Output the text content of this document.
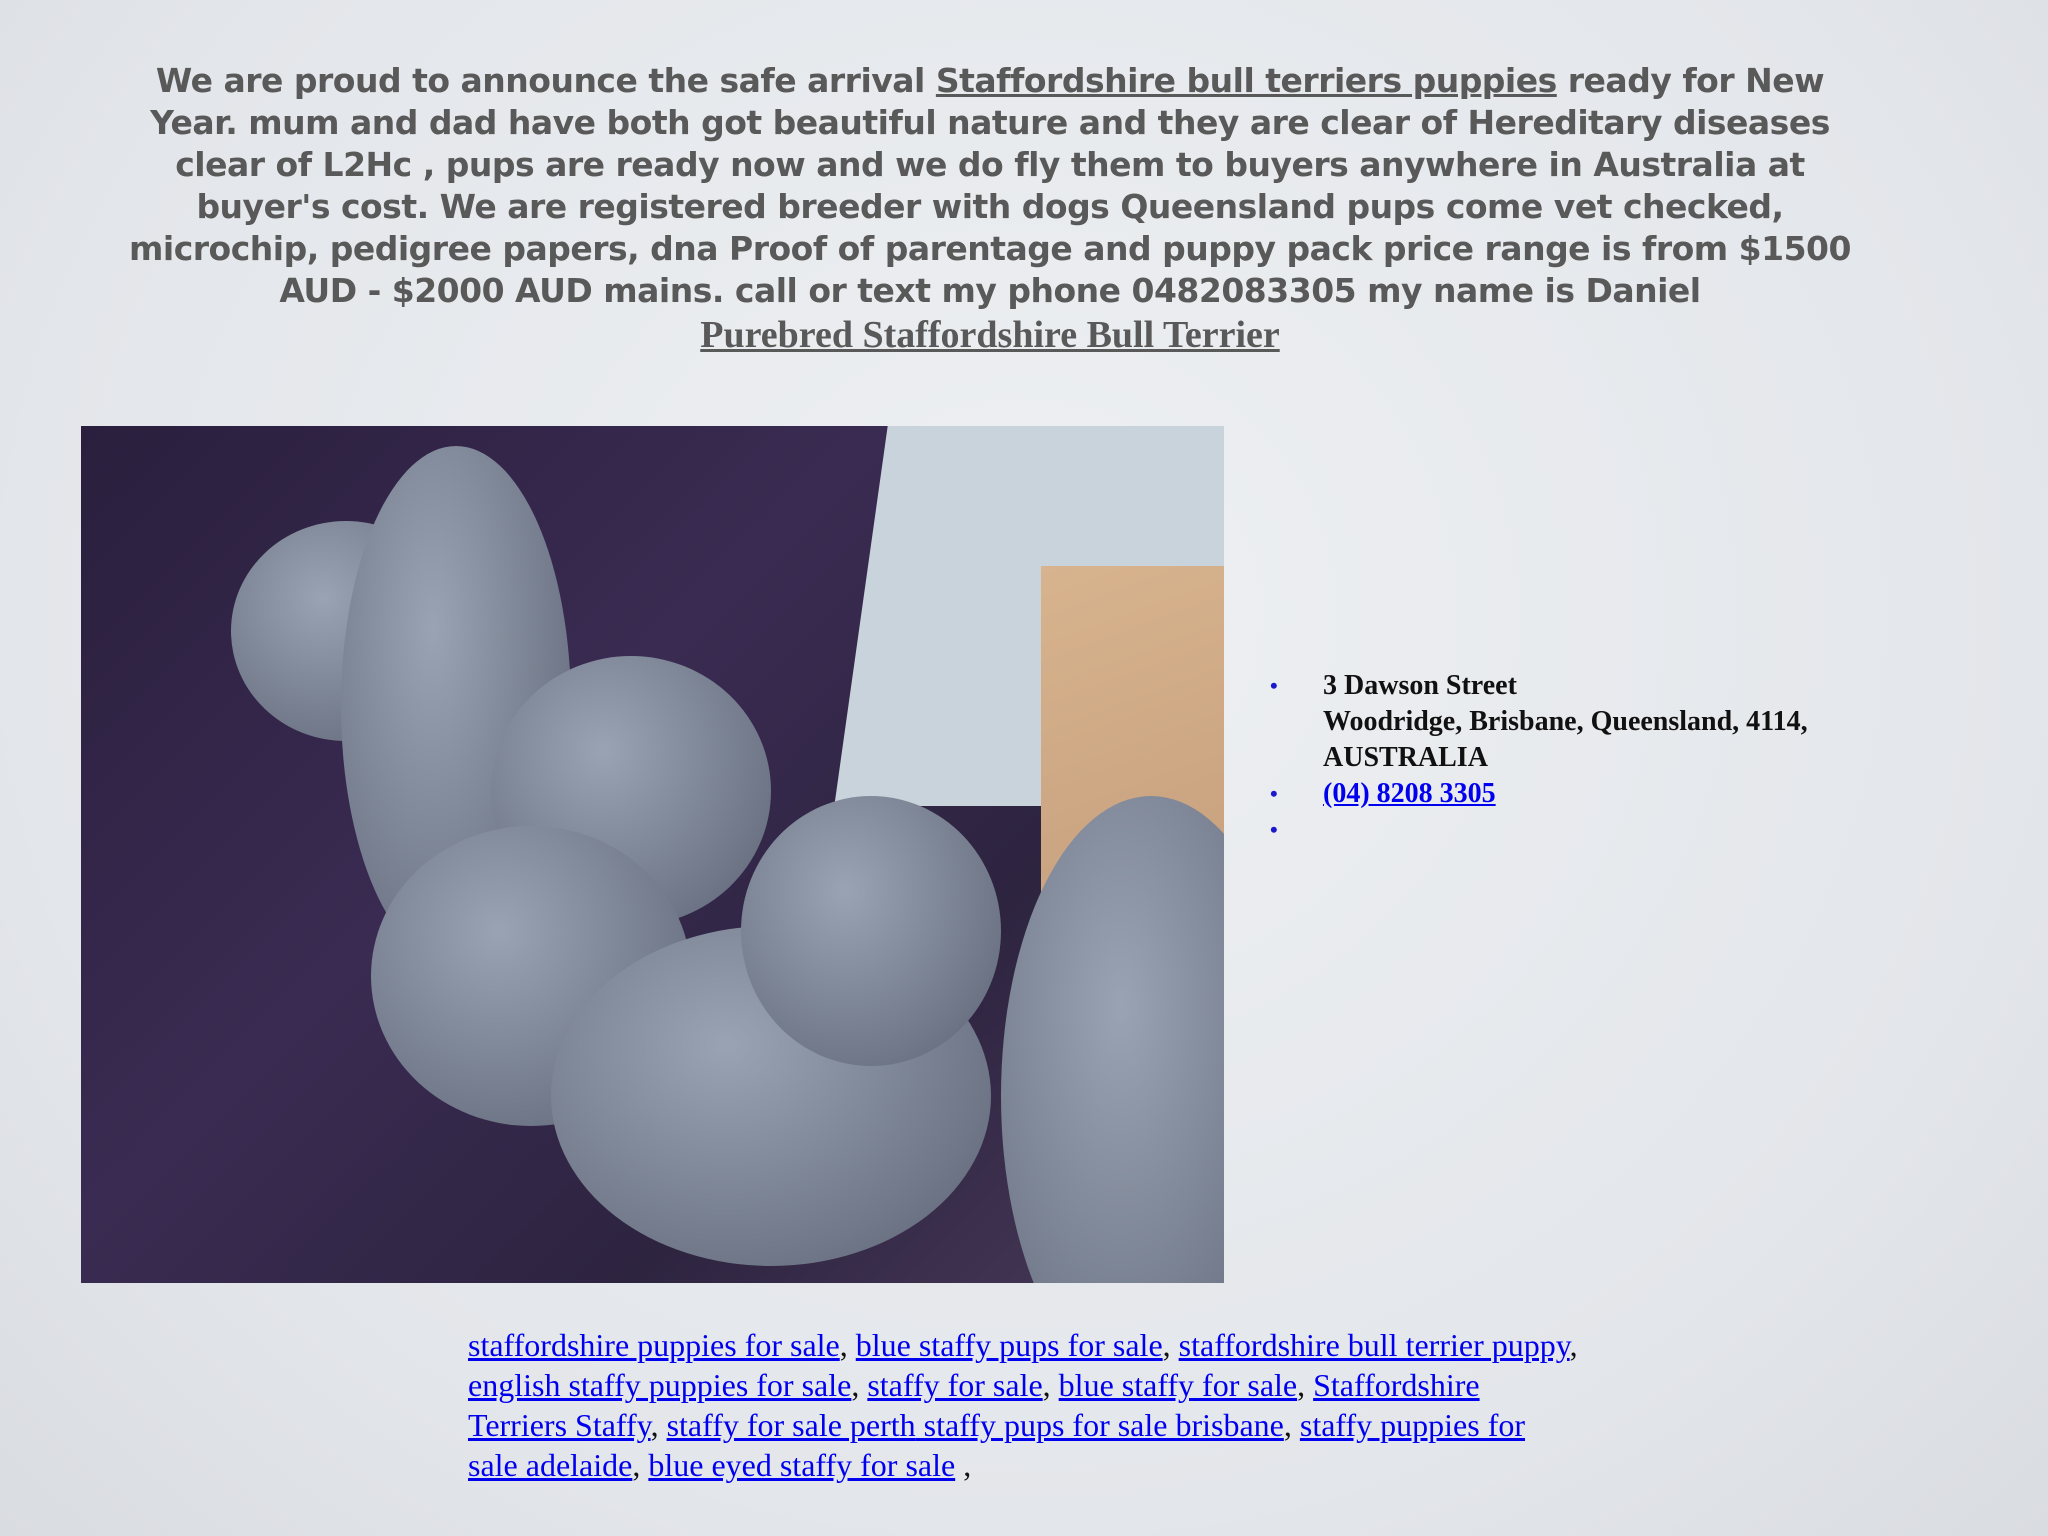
We are proud to announce the safe arrival Staffordshire bull terriers puppies ready for New Year. mum and dad have both got beautiful nature and they are clear of Hereditary diseases clear of L2Hc , pups are ready now and we do fly them to buyers anywhere in Australia at buyer's cost. We are registered breeder with dogs Queensland pups come vet checked, microchip, pedigree papers, dna Proof of parentage and puppy pack price range is from $1500 AUD - $2000 AUD mains. call or text my phone 0482083305 my name is Daniel
Purebred Staffordshire Bull Terrier
• 3 Dawson Street
Woodridge, Brisbane, Queensland, 4114, AUSTRALIA
• (04) 8208 3305
•
staffordshire puppies for sale, blue staffy pups for sale, staffordshire bull terrier puppy, english staffy puppies for sale, staffy for sale, blue staffy for sale, Staffordshire Terriers Staffy, staffy for sale perth staffy pups for sale brisbane, staffy puppies for sale adelaide, blue eyed staffy for sale ,
